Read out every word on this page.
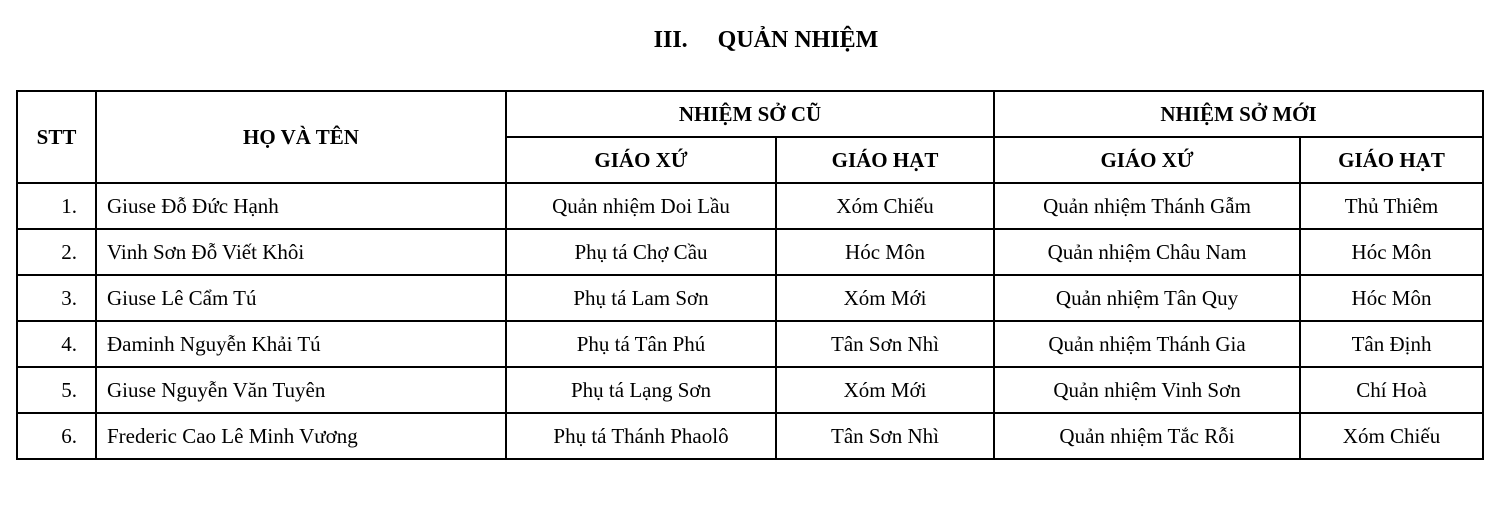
III. QUẢN NHIỆM
STT	HỌ VÀ TÊN	NHIỆM SỞ CŨ		NHIỆM SỞ MỚI	
		GIÁO XỨ	GIÁO HẠT	GIÁO XỨ	GIÁO HẠT
1.	Giuse Đỗ Đức Hạnh	Quản nhiệm Doi Lầu	Xóm Chiếu	Quản nhiệm Thánh Gẫm	Thủ Thiêm
2.	Vinh Sơn Đỗ Viết Khôi	Phụ tá Chợ Cầu	Hóc Môn	Quản nhiệm Châu Nam	Hóc Môn
3.	Giuse Lê Cẩm Tú	Phụ tá Lam Sơn	Xóm Mới	Quản nhiệm Tân Quy	Hóc Môn
4.	Đaminh Nguyễn Khải Tú	Phụ tá Tân Phú	Tân Sơn Nhì	Quản nhiệm Thánh Gia	Tân Định
5.	Giuse Nguyễn Văn Tuyên	Phụ tá Lạng Sơn	Xóm Mới	Quản nhiệm Vinh Sơn	Chí Hoà
6.	Frederic Cao Lê Minh Vương	Phụ tá Thánh Phaolô	Tân Sơn Nhì	Quản nhiệm Tắc Rỗi	Xóm Chiếu
